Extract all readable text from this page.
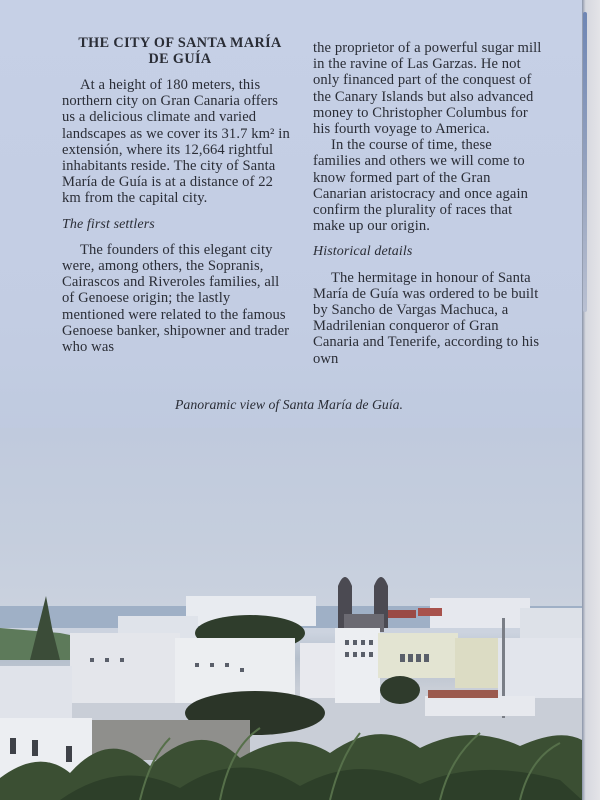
THE CITY OF SANTA MARÍA DE GUÍA

At a height of 180 meters, this northern city on Gran Canaria offers us a delicious climate and varied landscapes as we cover its 31.7 km² in extensión, where its 12,664 rightful inhabitants reside. The city of Santa María de Guía is at a distance of 22 km from the capital city.

The first settlers

The founders of this elegant city were, among others, the Sopranis, Cairascos and Riveroles families, all of Genoese origin; the lastly mentioned were related to the famous Genoese banker, shipowner and trader who was

the proprietor of a powerful sugar mill in the ravine of Las Garzas. He not only financed part of the conquest of the Canary Islands but also advanced money to Christopher Columbus for his fourth voyage to America.

In the course of time, these families and others we will come to know formed part of the Gran Canarian aristocracy and once again confirm the plurality of races that make up our origin.

Historical details

The hermitage in honour of Santa María de Guía was ordered to be built by Sancho de Vargas Machuca, a Madrilenian conqueror of Gran Canaria and Tenerife, according to his own

Panoramic view of Santa María de Guía.
